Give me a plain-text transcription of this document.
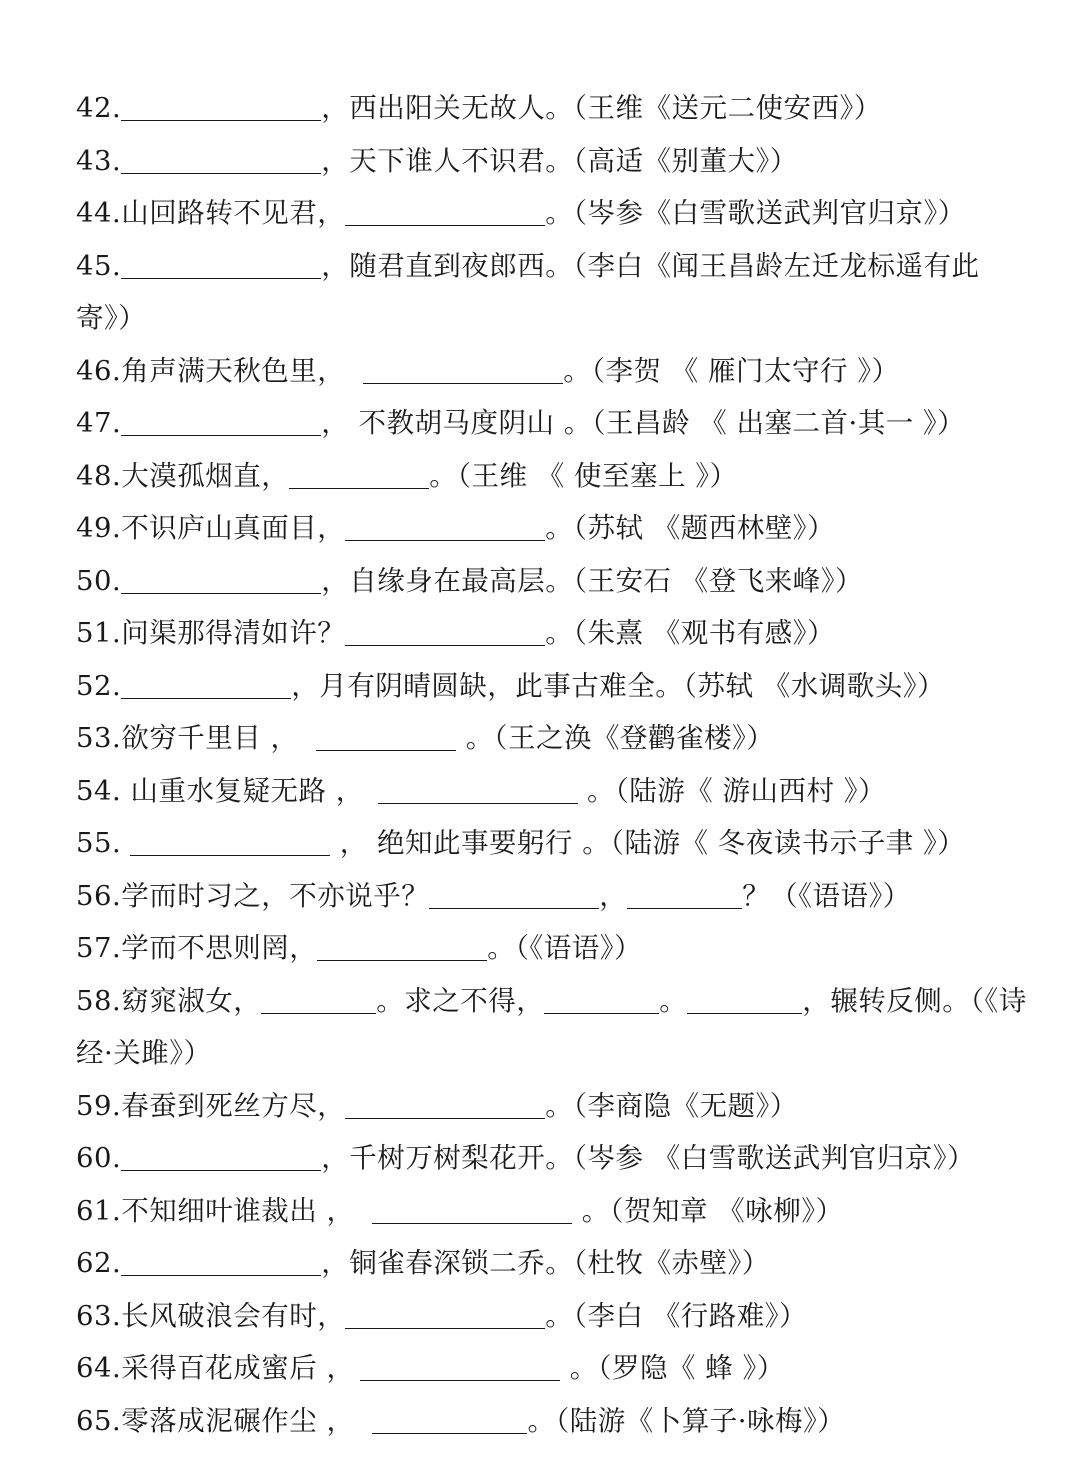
42.	，西出阳关无故人。（王维《送元二使安西》）
43.	，天下谁人不识君。（高适《别董大》）
44.山回路转不见君，	。（岑参《白雪歌送武判官归京》）
45.	，随君直到夜郎西。（李白《闻王昌龄左迁龙标遥有此
寄》）
46.角声满天秋色里，	。（李贺 《 雁门太守行 》）
47.	， 不教胡马度阴山 。（王昌龄 《 出塞二首·其一 》）
48.大漠孤烟直，	。（王维 《 使至塞上 》）
49.不识庐山真面目，	。（苏轼 《题西林壁》）
50.	，自缘身在最高层。（王安石 《登飞来峰》）
51.问渠那得清如许？	。（朱熹 《观书有感》）
52.	，月有阴晴圆缺，此事古难全。（苏轼 《水调歌头》）
53.欲穷千里目 ，	。（王之涣《登鹳雀楼》）
54. 山重水复疑无路 ，	。（陆游《 游山西村 》）
55.	， 绝知此事要躬行 。（陆游《 冬夜读书示子聿 》）
56.学而时习之，不亦说乎？	，	？（《语语》）
57.学而不思则罔，	。（《语语》）
58.窈窕淑女，	。求之不得，	。	，辗转反侧。（《诗
经·关雎》）
59.春蚕到死丝方尽，	。（李商隐《无题》）
60.	，千树万树梨花开。（岑参 《白雪歌送武判官归京》）
61.不知细叶谁裁出 ，	。（贺知章 《咏柳》）
62.	，铜雀春深锁二乔。（杜牧《赤壁》）
63.长风破浪会有时，	。（李白 《行路难》）
64.采得百花成蜜后 ，	。（罗隐《 蜂 》）
65.零落成泥碾作尘 ，	。（陆游《卜算子·咏梅》）
